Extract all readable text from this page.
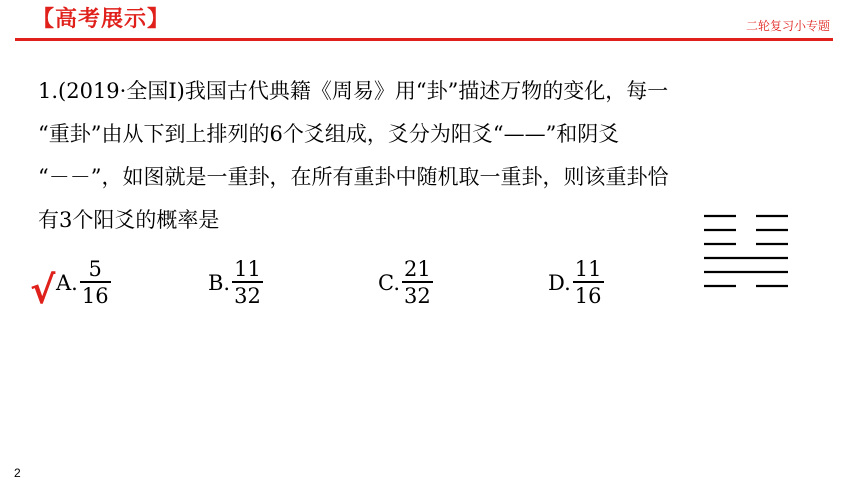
【高考展示】	二轮复习小专题
1.(2019·全国Ⅰ)我国古代典籍《周易》用“卦”描述万物的变化，每一
“重卦”由从下到上排列的6个爻组成，爻分为阳爻“——”和阴爻
“－－”，如图就是一重卦，在所有重卦中随机取一重卦，则该重卦恰
有3个阳爻的概率是
A. $\frac{5}{16}$	B. $\frac{11}{32}$	C. $\frac{21}{32}$	D. $\frac{11}{16}$
√
2
